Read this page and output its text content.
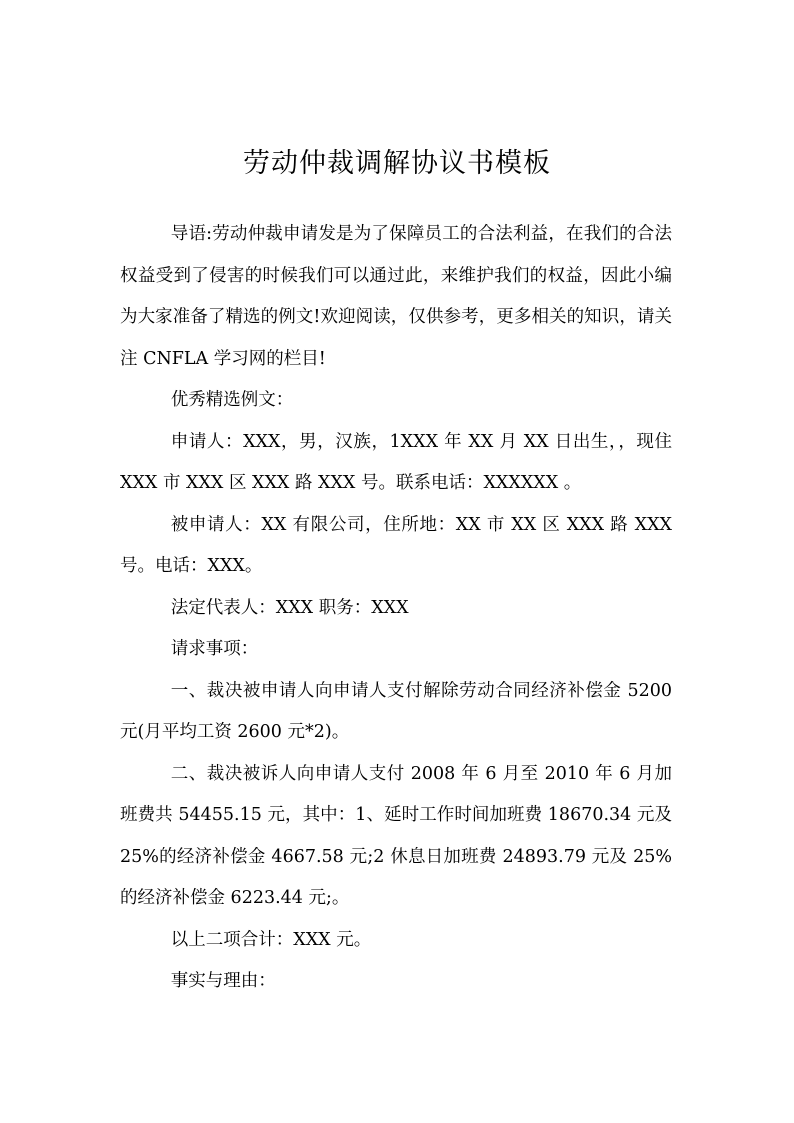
劳动仲裁调解协议书模板

导语:劳动仲裁申请发是为了保障员工的合法利益，在我们的合法权益受到了侵害的时候我们可以通过此，来维护我们的权益，因此小编为大家准备了精选的例文!欢迎阅读，仅供参考，更多相关的知识，请关注 CNFLA 学习网的栏目!

优秀精选例文：

申请人：XXX，男，汉族，1XXX 年 XX 月 XX 日出生，，现住 XXX 市 XXX 区 XXX 路 XXX 号。联系电话：XXXXXX 。

被申请人：XX 有限公司，住所地：XX 市 XX 区 XXX 路 XXX 号。电话：XXX。

法定代表人：XXX 职务：XXX

请求事项：

一、裁决被申请人向申请人支付解除劳动合同经济补偿金 5200 元(月平均工资 2600 元*2)。

二、裁决被诉人向申请人支付 2008 年 6 月至 2010 年 6 月加班费共 54455.15 元，其中：1、延时工作时间加班费 18670.34 元及 25%的经济补偿金 4667.58 元;2 休息日加班费 24893.79 元及 25%的经济补偿金 6223.44 元;。

以上二项合计：XXX 元。

事实与理由：
